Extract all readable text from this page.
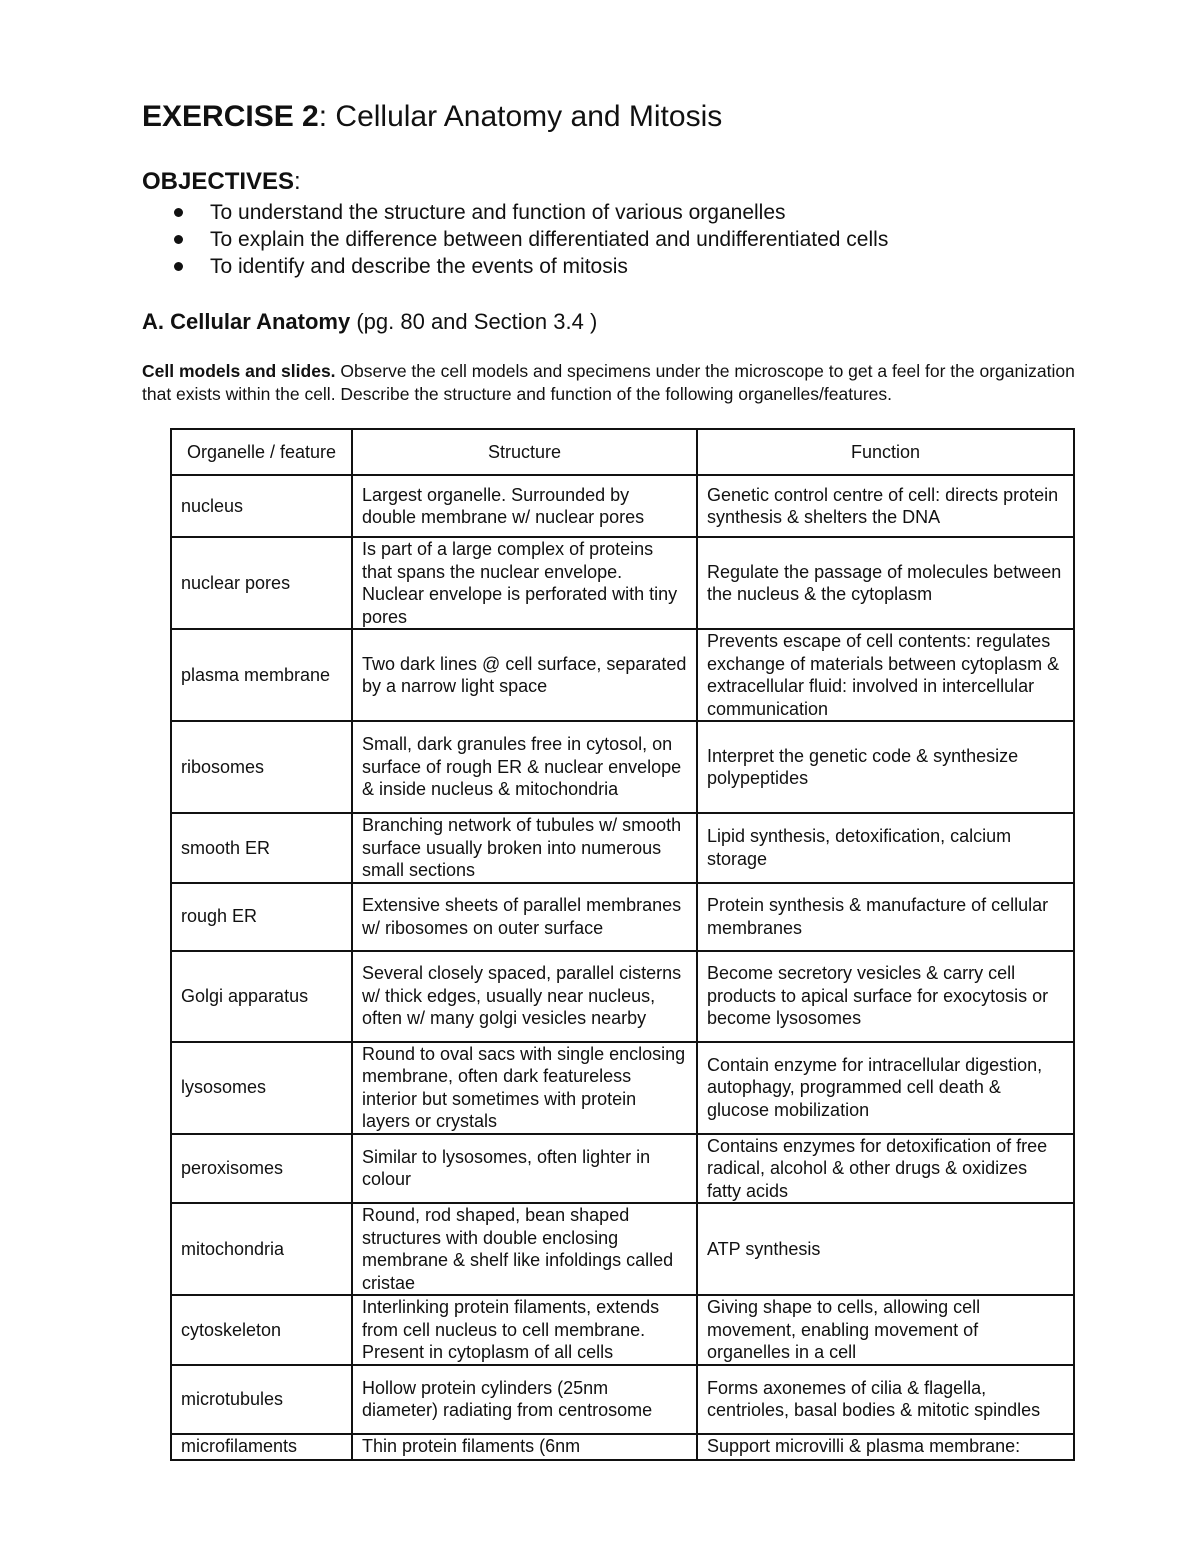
EXERCISE 2: Cellular Anatomy and Mitosis
OBJECTIVES:
To understand the structure and function of various organelles
To explain the difference between differentiated and undifferentiated cells
To identify and describe the events of mitosis
A. Cellular Anatomy (pg. 80 and Section 3.4 )
Cell models and slides. Observe the cell models and specimens under the microscope to get a feel for the organization that exists within the cell. Describe the structure and function of the following organelles/features.
Organelle / feature	Structure	Function
nucleus	Largest organelle. Surrounded by double membrane w/ nuclear pores	Genetic control centre of cell: directs protein synthesis & shelters the DNA
nuclear pores	Is part of a large complex of proteins that spans the nuclear envelope. Nuclear envelope is perforated with tiny pores	Regulate the passage of molecules between the nucleus & the cytoplasm
plasma membrane	Two dark lines @ cell surface, separated by a narrow light space	Prevents escape of cell contents: regulates exchange of materials between cytoplasm & extracellular fluid: involved in intercellular communication
ribosomes	Small, dark granules free in cytosol, on surface of rough ER & nuclear envelope & inside nucleus & mitochondria	Interpret the genetic code & synthesize polypeptides
smooth ER	Branching network of tubules w/ smooth surface usually broken into numerous small sections	Lipid synthesis, detoxification, calcium storage
rough ER	Extensive sheets of parallel membranes w/ ribosomes on outer surface	Protein synthesis & manufacture of cellular membranes
Golgi apparatus	Several closely spaced, parallel cisterns w/ thick edges, usually near nucleus, often w/ many golgi vesicles nearby	Become secretory vesicles & carry cell products to apical surface for exocytosis or become lysosomes
lysosomes	Round to oval sacs with single enclosing membrane, often dark featureless interior but sometimes with protein layers or crystals	Contain enzyme for intracellular digestion, autophagy, programmed cell death & glucose mobilization
peroxisomes	Similar to lysosomes, often lighter in colour	Contains enzymes for detoxification of free radical, alcohol & other drugs & oxidizes fatty acids
mitochondria	Round, rod shaped, bean shaped structures with double enclosing membrane & shelf like infoldings called cristae	ATP synthesis
cytoskeleton	Interlinking protein filaments, extends from cell nucleus to cell membrane. Present in cytoplasm of all cells	Giving shape to cells, allowing cell movement, enabling movement of organelles in a cell
microtubules	Hollow protein cylinders (25nm diameter) radiating from centrosome	Forms axonemes of cilia & flagella, centrioles, basal bodies & mitotic spindles
microfilaments	Thin protein filaments (6nm	Support microvilli & plasma membrane:
